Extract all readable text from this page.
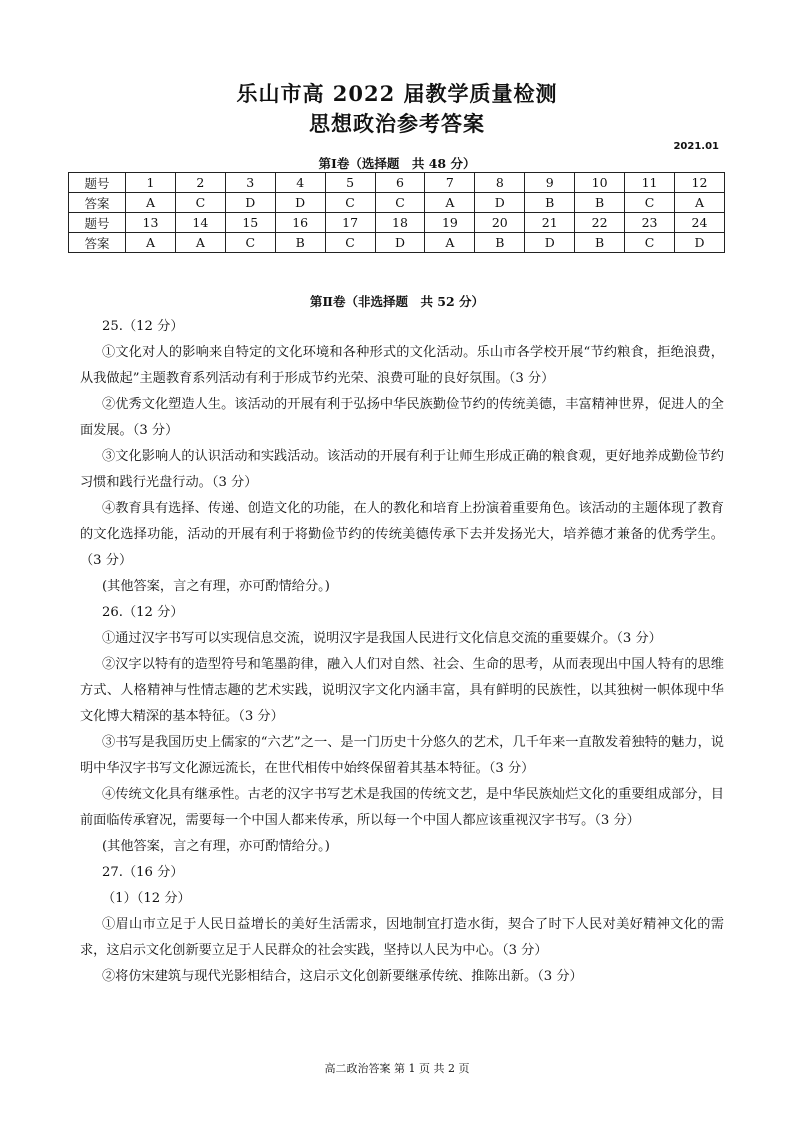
乐山市高 2022 届教学质量检测
思想政治参考答案
2021.01
第Ⅰ卷（选择题　共 48 分）
题号	1	2	3	4	5	6	7	8	9	10	11	12
答案	A	C	D	D	C	C	A	D	B	B	C	A
题号	13	14	15	16	17	18	19	20	21	22	23	24
答案	A	A	C	B	C	D	A	B	D	B	C	D
第Ⅱ卷（非选择题　共 52 分）

25.（12 分）

①文化对人的影响来自特定的文化环境和各种形式的文化活动。乐山市各学校开展“节约粮食，拒绝浪费，从我做起”主题教育系列活动有利于形成节约光荣、浪费可耻的良好氛围。（3 分）

②优秀文化塑造人生。该活动的开展有利于弘扬中华民族勤俭节约的传统美德，丰富精神世界，促进人的全面发展。（3 分）

③文化影响人的认识活动和实践活动。该活动的开展有利于让师生形成正确的粮食观，更好地养成勤俭节约习惯和践行光盘行动。（3 分）

④教育具有选择、传递、创造文化的功能，在人的教化和培育上扮演着重要角色。该活动的主题体现了教育的文化选择功能，活动的开展有利于将勤俭节约的传统美德传承下去并发扬光大，培养德才兼备的优秀学生。（3 分）

(其他答案，言之有理，亦可酌情给分。)

26.（12 分）

①通过汉字书写可以实现信息交流，说明汉字是我国人民进行文化信息交流的重要媒介。（3 分）

②汉字以特有的造型符号和笔墨韵律，融入人们对自然、社会、生命的思考，从而表现出中国人特有的思维方式、人格精神与性情志趣的艺术实践，说明汉字文化内涵丰富，具有鲜明的民族性，以其独树一帜体现中华文化博大精深的基本特征。（3 分）

③书写是我国历史上儒家的“六艺”之一、是一门历史十分悠久的艺术，几千年来一直散发着独特的魅力，说明中华汉字书写文化源远流长，在世代相传中始终保留着其基本特征。（3 分）

④传统文化具有继承性。古老的汉字书写艺术是我国的传统文艺，是中华民族灿烂文化的重要组成部分，目前面临传承窘况，需要每一个中国人都来传承，所以每一个中国人都应该重视汉字书写。（3 分）

(其他答案，言之有理，亦可酌情给分。)

27.（16 分）

（1）（12 分）

①眉山市立足于人民日益增长的美好生活需求，因地制宜打造水街，契合了时下人民对美好精神文化的需求，这启示文化创新要立足于人民群众的社会实践，坚持以人民为中心。（3 分）

②将仿宋建筑与现代光影相结合，这启示文化创新要继承传统、推陈出新。（3 分）

高二政治答案 第 1 页 共 2 页
